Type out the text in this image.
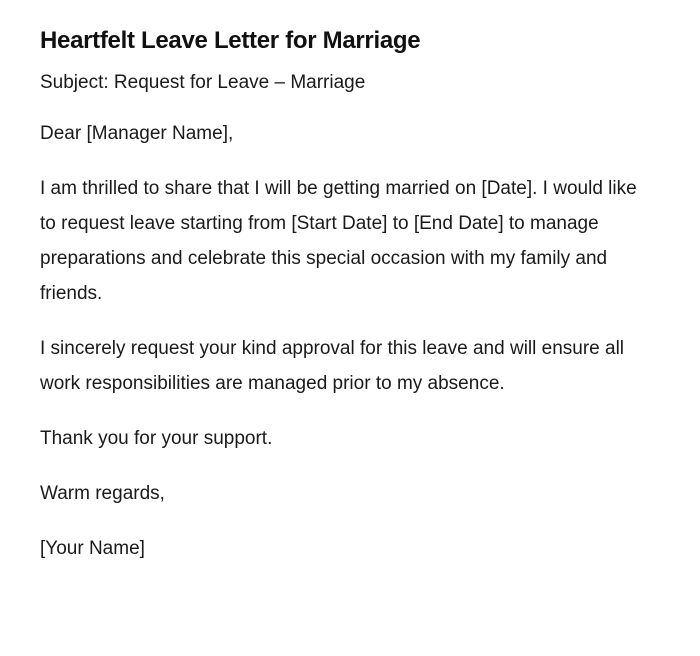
Heartfelt Leave Letter for Marriage

Subject: Request for Leave – Marriage

Dear [Manager Name],

I am thrilled to share that I will be getting married on [Date]. I would like to request leave starting from [Start Date] to [End Date] to manage preparations and celebrate this special occasion with my family and friends.

I sincerely request your kind approval for this leave and will ensure all work responsibilities are managed prior to my absence.

Thank you for your support.

Warm regards,

[Your Name]
